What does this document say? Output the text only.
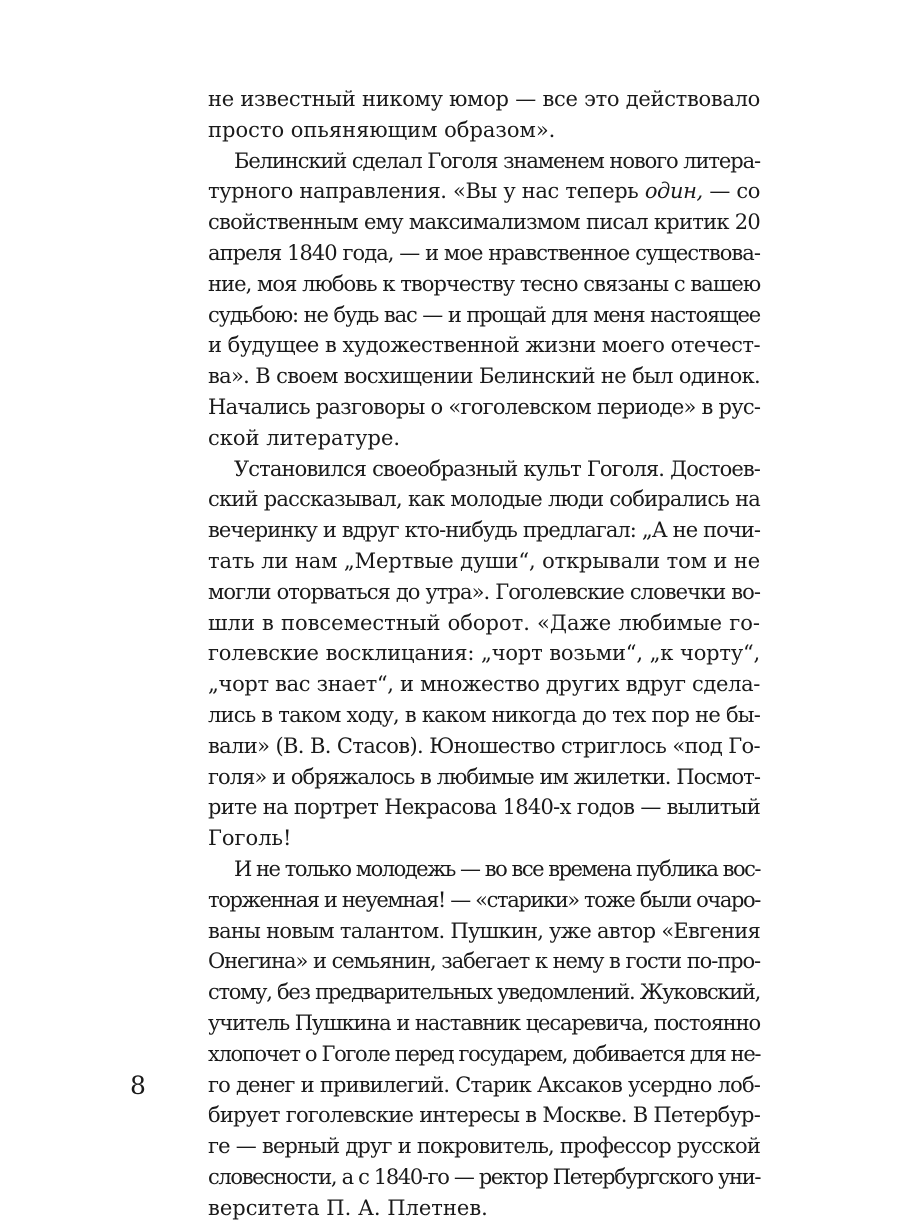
не известный никому юмор — все это действовало
просто опьяняющим образом».
Белинский сделал Гоголя знаменем нового литера-
турного направления. «Вы у нас теперь один, — со
свойственным ему максимализмом писал критик 20
апреля 1840 года, — и мое нравственное существова-
ние, моя любовь к творчеству тесно связаны с вашею
судьбою: не будь вас — и прощай для меня настоящее
и будущее в художественной жизни моего отечест-
ва». В своем восхищении Белинский не был одинок.
Начались разговоры о «гоголевском периоде» в рус-
ской литературе.
Установился своеобразный культ Гоголя. Достоев-
ский рассказывал, как молодые люди собирались на
вечеринку и вдруг кто-нибудь предлагал: „А не почи-
тать ли нам „Мертвые души“, открывали том и не
могли оторваться до утра». Гоголевские словечки во-
шли в повсеместный оборот. «Даже любимые го-
голевские восклицания: „чорт возьми“, „к чорту“,
„чорт вас знает“, и множество других вдруг сдела-
лись в таком ходу, в каком никогда до тех пор не бы-
вали» (В. В. Стасов). Юношество стриглось «под Го-
голя» и обряжалось в любимые им жилетки. Посмот-
рите на портрет Некрасова 1840-х годов — вылитый
Гоголь!
И не только молодежь — во все времена публика вос-
торженная и неуемная! — «старики» тоже были очаро-
ваны новым талантом. Пушкин, уже автор «Евгения
Онегина» и семьянин, забегает к нему в гости по-про-
стому, без предварительных уведомлений. Жуковский,
учитель Пушкина и наставник цесаревича, постоянно
хлопочет о Гоголе перед государем, добивается для не-
го денег и привилегий. Старик Аксаков усердно лоб-
бирует гоголевские интересы в Москве. В Петербур-
ге — верный друг и покровитель, профессор русской
словесности, а с 1840-го — ректор Петербургского уни-
верситета П. А. Плетнев.
8
